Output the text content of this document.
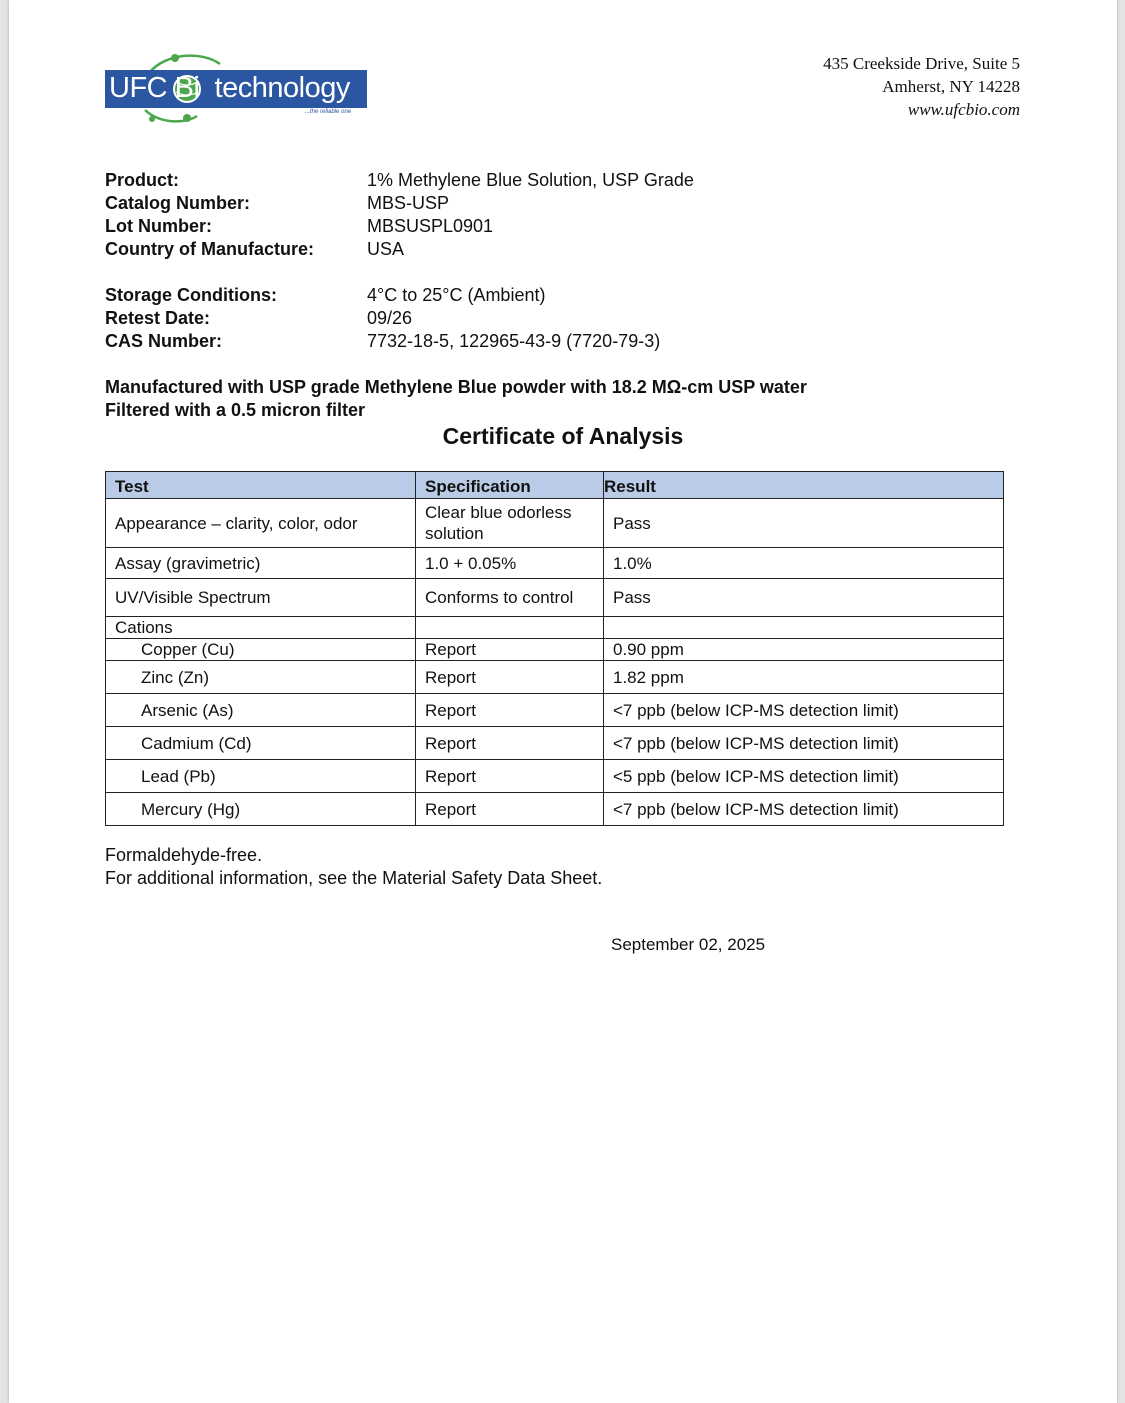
UFC Bi  technology
...the reliable one
435 Creekside Drive, Suite 5
Amherst, NY 14228
www.ufcbio.com
Product:	1% Methylene Blue Solution, USP Grade
Catalog Number:	MBS-USP
Lot Number:	MBSUSPL0901
Country of Manufacture:	USA
Storage Conditions:	4°C to 25°C (Ambient)
Retest Date:	09/26
CAS Number:	7732-18-5, 122965-43-9 (7720-79-3)
Manufactured with USP grade Methylene Blue powder with 18.2 MΩ-cm USP water
Filtered with a 0.5 micron filter
Certificate of Analysis
Test	Specification	Result
Appearance – clarity, color, odor	Clear blue odorless solution	Pass
Assay (gravimetric)	1.0 + 0.05%	1.0%
UV/Visible Spectrum	Conforms to control	Pass
Cations		
Copper (Cu)	Report	0.90 ppm
Zinc (Zn)	Report	1.82 ppm
Arsenic (As)	Report	<7 ppb (below ICP-MS detection limit)
Cadmium (Cd)	Report	<7 ppb (below ICP-MS detection limit)
Lead (Pb)	Report	<5 ppb (below ICP-MS detection limit)
Mercury (Hg)	Report	<7 ppb (below ICP-MS detection limit)
Formaldehyde-free.
For additional information, see the Material Safety Data Sheet.
September 02, 2025
